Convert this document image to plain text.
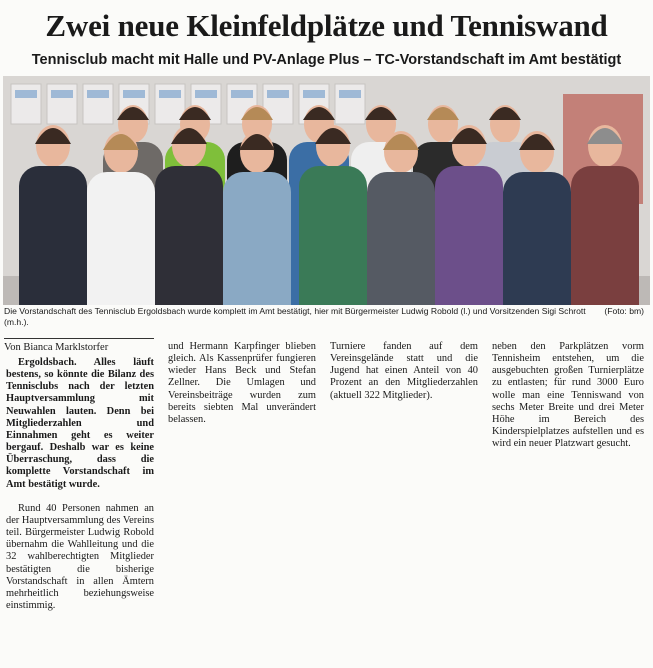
Zwei neue Kleinfeldplätze und Tenniswand
Tennisclub macht mit Halle und PV-Anlage Plus – TC-Vorstandschaft im Amt bestätigt
(Foto: bm)
Die Vorstandschaft des Tennisclub Ergoldsbach wurde komplett im Amt bestätigt, hier mit Bürgermeister Ludwig Robold (l.) und Vorsitzenden Sigi Schrott (m.h.).
Von Bianca Marklstorfer

Ergoldsbach. Alles läuft bestens, so könnte die Bilanz des Tennisclubs nach der letzten Hauptversammlung mit Neuwahlen lauten. Denn bei Mitgliederzahlen und Einnahmen geht es weiter bergauf. Deshalb war es keine Überraschung, dass die komplette Vorstandschaft im Amt bestätigt wurde.

Rund 40 Personen nahmen an der Hauptversammlung des Vereins teil. Bürgermeister Ludwig Robold übernahm die Wahlleitung und die 32 wahlberechtigten Mitglieder bestätigten die bisherige Vorstandschaft in allen Ämtern mehrheitlich beziehungsweise einstimmig.

und Hermann Karpfinger blieben gleich. Als Kassenprüfer fungieren wieder Hans Beck und Stefan Zellner. Die Umlagen und Vereinsbeiträge wurden zum bereits siebten Mal unverändert belassen.

Turniere fanden auf dem Vereinsgelände statt und die Jugend hat einen Anteil von 40 Prozent an den Mitgliederzahlen (aktuell 322 Mitglieder).

neben den Parkplätzen vorm Tennisheim entstehen, um die ausgebuchten großen Turnierplätze zu entlasten; für rund 3000 Euro wolle man eine Tenniswand von sechs Meter Breite und drei Meter Höhe im Bereich des Kinderspielplatzes aufstellen und es wird ein neuer Platzwart gesucht.
